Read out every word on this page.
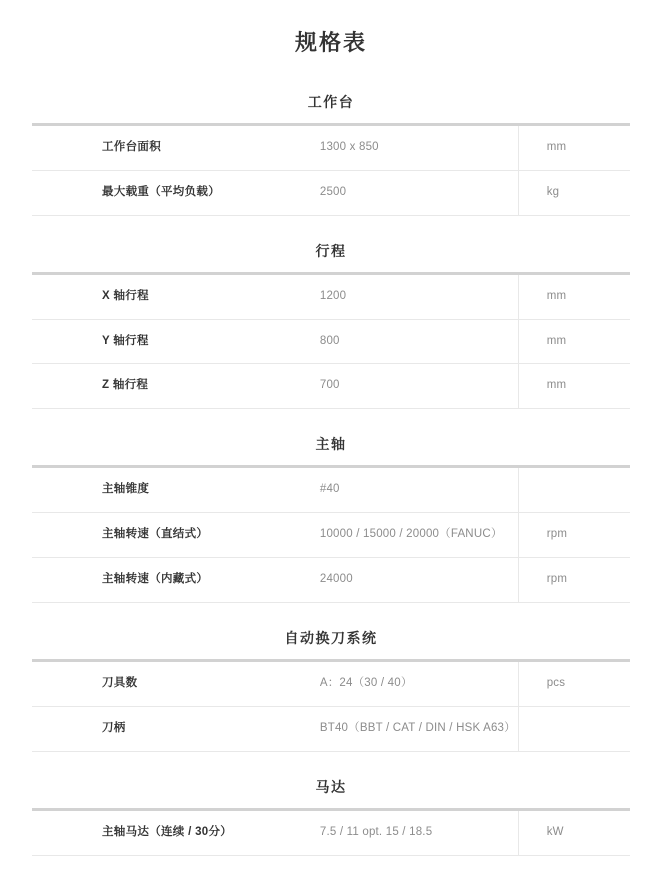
规格表
工作台
工作台面积	1300 x 850	mm
最大载重（平均负载）	2500	kg
行程
X 轴行程	1200	mm
Y 轴行程	800	mm
Z 轴行程	700	mm
主轴
主轴锥度	#40	
主轴转速（直结式）	10000 / 15000 / 20000（FANUC）	rpm
主轴转速（内藏式）	24000	rpm
自动换刀系统
刀具数	A：24（30 / 40）	pcs
刀柄	BT40（BBT / CAT / DIN / HSK A63）	
马达
主轴马达（连续 / 30分）	7.5 / 11 opt. 15 / 18.5	kW
